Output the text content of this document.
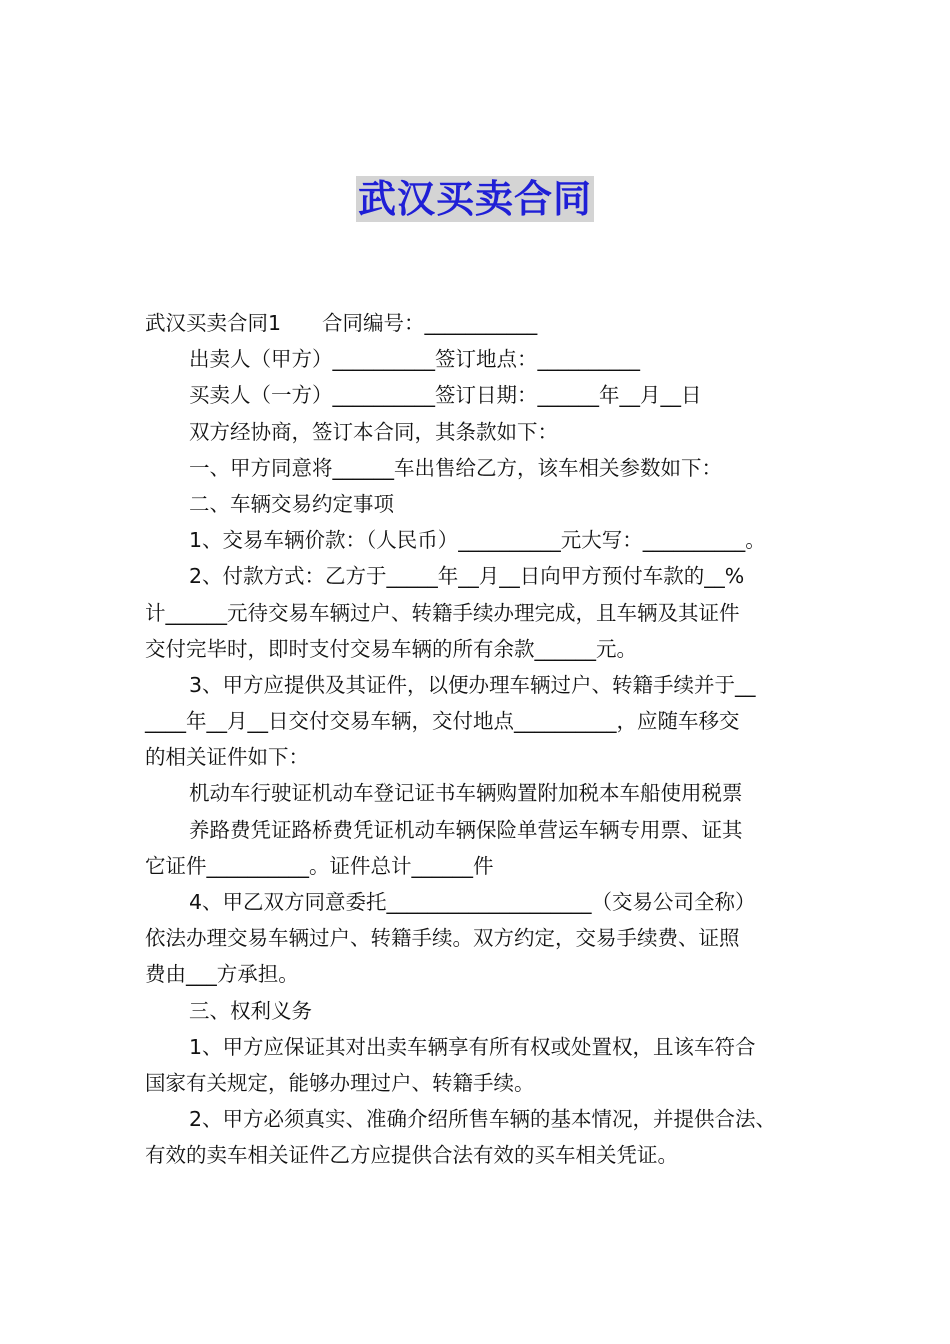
武汉买卖合同
武汉买卖合同1　　合同编号：___________
出卖人（甲方）__________签订地点：__________
买卖人（一方）__________签订日期：______年__月__日
双方经协商，签订本合同，其条款如下：
一、甲方同意将______车出售给乙方，该车相关参数如下：
二、车辆交易约定事项
1、交易车辆价款：（人民币）__________元大写：__________。
2、付款方式：乙方于_____年__月__日向甲方预付车款的__%
计______元待交易车辆过户、转籍手续办理完成，且车辆及其证件
交付完毕时，即时支付交易车辆的所有余款______元。
3、甲方应提供及其证件，以便办理车辆过户、转籍手续并于__
____年__月__日交付交易车辆，交付地点__________，应随车移交
的相关证件如下：
机动车行驶证机动车登记证书车辆购置附加税本车船使用税票
养路费凭证路桥费凭证机动车辆保险单营运车辆专用票、证其
它证件__________。证件总计______件
4、甲乙双方同意委托____________________（交易公司全称）
依法办理交易车辆过户、转籍手续。双方约定，交易手续费、证照
费由___方承担。
三、权利义务
1、甲方应保证其对出卖车辆享有所有权或处置权，且该车符合
国家有关规定，能够办理过户、转籍手续。
2、甲方必须真实、准确介绍所售车辆的基本情况，并提供合法、
有效的卖车相关证件乙方应提供合法有效的买车相关凭证。
